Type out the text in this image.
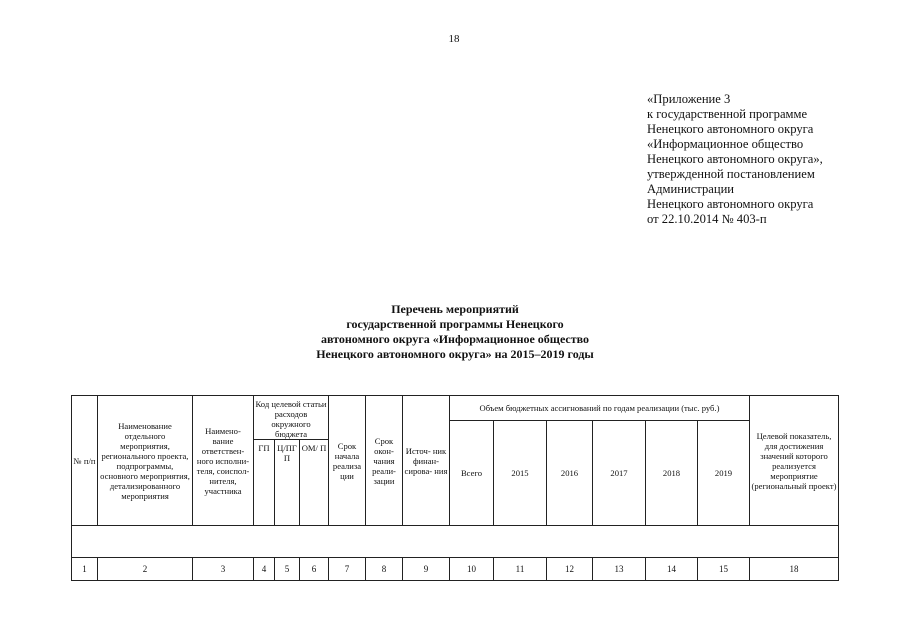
18
«Приложение 3
к государственной программе
Ненецкого автономного округа
«Информационное общество
Ненецкого автономного округа»,
утвержденной постановлением
Администрации
Ненецкого автономного округа
от 22.10.2014 № 403-п
Перечень мероприятий
государственной программы Ненецкого
автономного округа «Информационное общество
Ненецкого автономного округа» на 2015–2019 годы
№ п/п	Наименование отдельного мероприятия, регионального проекта, подпрограммы, основного мероприятия, детализированного мероприятия	Наимено- вание ответствен- ного исполни- теля, соиспол- нителя, участника	Код целевой статьи расходов окружного бюджета			Срок начала реализа ции	Срок окон- чания реали- зации	Источ- ник финан- сирова- ния	Объем бюджетных ассигнований по годам реализации (тыс. руб.)						Целевой показатель, для достижения значений которого реализуется мероприятие (региональный проект)
									Всего	2015	2016	2017	2018	2019	
			ГП	Ц/ПГ П	ОМ/ П										

1	2	3	4	5	6	7	8	9	10	11	12	13	14	15	18
